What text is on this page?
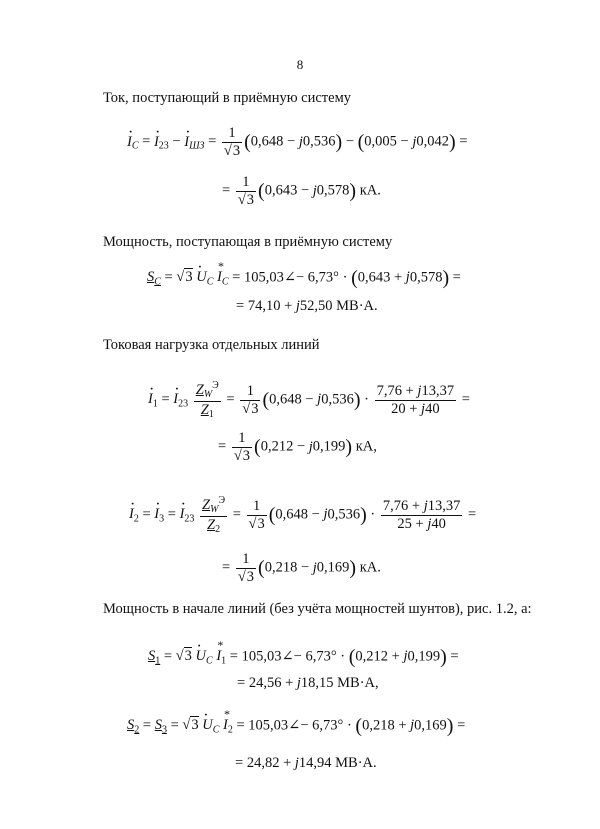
8
Ток, поступающий в приёмную систему
· $I_C$ = · $I_{23}$ − · $I_{ШЗ} = \frac{1}{√3} (0,648 - j0,536) - (0,005 - j0,042)$ =
= $\frac{1}{√3} (0,643 - j0,578)$ кА.
Мощность, поступающая в приёмную систему
$S_C = √3 \cdot U_C * I_C$ = 105,03∠− 6,73° · (0,643 + j0,578) =
= 74,10 + j52,50 МВ·А.
Токовая нагрузка отдельных линий
· $I_1$ = · $I_{23} \frac{Z_W^Э}{Z_1} = \frac{1}{√3} (0,648 - j0,536) \cdot \frac{7,76 + j13,37}{20 + j40}$ =
= $\frac{1}{√3} (0,212 - j0,199)$ кА,
· $I_2$ = · $I_3$ = · $I_{23} \frac{Z_W^Э}{Z_2} = \frac{1}{√3} (0,648 - j0,536) \cdot \frac{7,76 + j13,37}{25 + j40}$ =
= $\frac{1}{√3} (0,218 - j0,169)$ кА.
Мощность в начале линий (без учёта мощностей шунтов), рис. 1.2, а:
$S_1 = √3 \cdot U_C * I_1$ = 105,03∠− 6,73° · (0,212 + j0,199) =
= 24,56 + j18,15 МВ·А,
$S_2 = S_3 = √3 \cdot U_C * I_2$ = 105,03∠− 6,73° · (0,218 + j0,169) =
= 24,82 + j14,94 МВ·А.
